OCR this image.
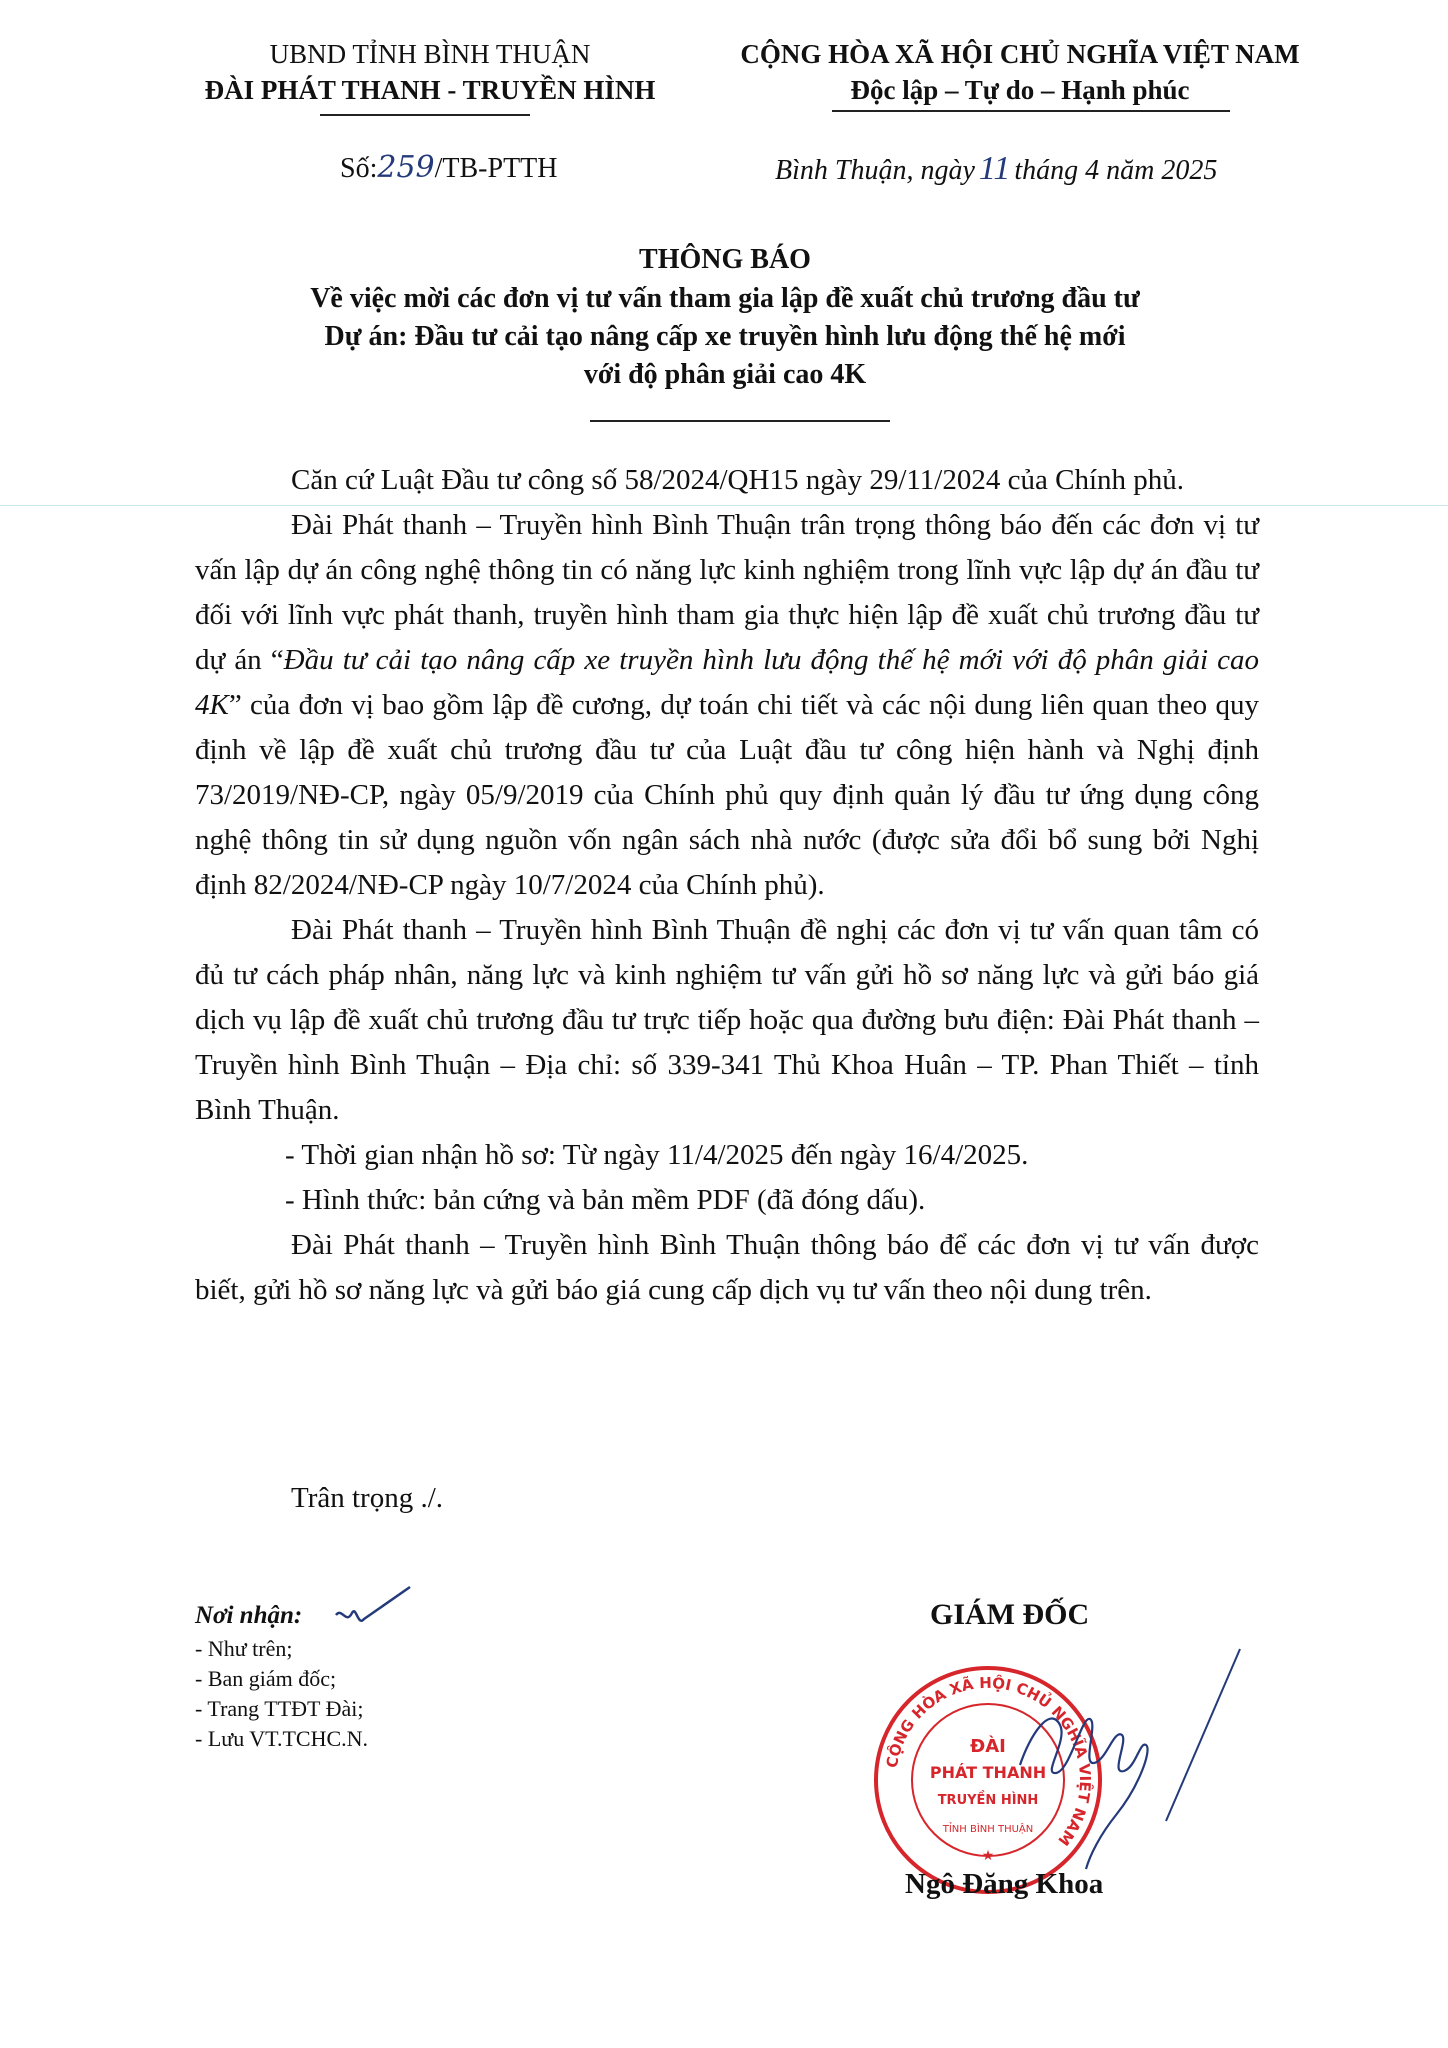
UBND TỈNH BÌNH THUẬN
ĐÀI PHÁT THANH - TRUYỀN HÌNH
CỘNG HÒA XÃ HỘI CHỦ NGHĨA VIỆT NAM
Độc lập – Tự do – Hạnh phúc
Số:259/TB-PTTH	Bình Thuận, ngày 11 tháng 4 năm 2025
THÔNG BÁO
Về việc mời các đơn vị tư vấn tham gia lập đề xuất chủ trương đầu tư
Dự án: Đầu tư cải tạo nâng cấp xe truyền hình lưu động thế hệ mới
với độ phân giải cao 4K

Căn cứ Luật Đầu tư công số 58/2024/QH15 ngày 29/11/2024 của Chính phủ.

Đài Phát thanh – Truyền hình Bình Thuận trân trọng thông báo đến các đơn vị tư vấn lập dự án công nghệ thông tin có năng lực kinh nghiệm trong lĩnh vực lập dự án đầu tư đối với lĩnh vực phát thanh, truyền hình tham gia thực hiện lập đề xuất chủ trương đầu tư dự án “Đầu tư cải tạo nâng cấp xe truyền hình lưu động thế hệ mới với độ phân giải cao 4K” của đơn vị bao gồm lập đề cương, dự toán chi tiết và các nội dung liên quan theo quy định về lập đề xuất chủ trương đầu tư của Luật đầu tư công hiện hành và Nghị định 73/2019/NĐ-CP, ngày 05/9/2019 của Chính phủ quy định quản lý đầu tư ứng dụng công nghệ thông tin sử dụng nguồn vốn ngân sách nhà nước (được sửa đổi bổ sung bởi Nghị định 82/2024/NĐ-CP ngày 10/7/2024 của Chính phủ).

Đài Phát thanh – Truyền hình Bình Thuận đề nghị các đơn vị tư vấn quan tâm có đủ tư cách pháp nhân, năng lực và kinh nghiệm tư vấn gửi hồ sơ năng lực và gửi báo giá dịch vụ lập đề xuất chủ trương đầu tư trực tiếp hoặc qua đường bưu điện: Đài Phát thanh – Truyền hình Bình Thuận – Địa chỉ: số 339-341 Thủ Khoa Huân – TP. Phan Thiết – tỉnh Bình Thuận.

- Thời gian nhận hồ sơ: Từ ngày 11/4/2025 đến ngày 16/4/2025.

- Hình thức: bản cứng và bản mềm PDF (đã đóng dấu).

Đài Phát thanh – Truyền hình Bình Thuận thông báo để các đơn vị tư vấn được biết, gửi hồ sơ năng lực và gửi báo giá cung cấp dịch vụ tư vấn theo nội dung trên.

Trân trọng ./.
Nơi nhận:
- Như trên;
- Ban giám đốc;
- Trang TTĐT Đài;
- Lưu VT.TCHC.N.
GIÁM ĐỐC
CỘNG HÒA XÃ HỘI CHỦ NGHĨA VIỆT NAM
ĐÀI
PHÁT THANH
TRUYỀN HÌNH
TỈNH BÌNH THUẬN
★
Ngô Đăng Khoa
